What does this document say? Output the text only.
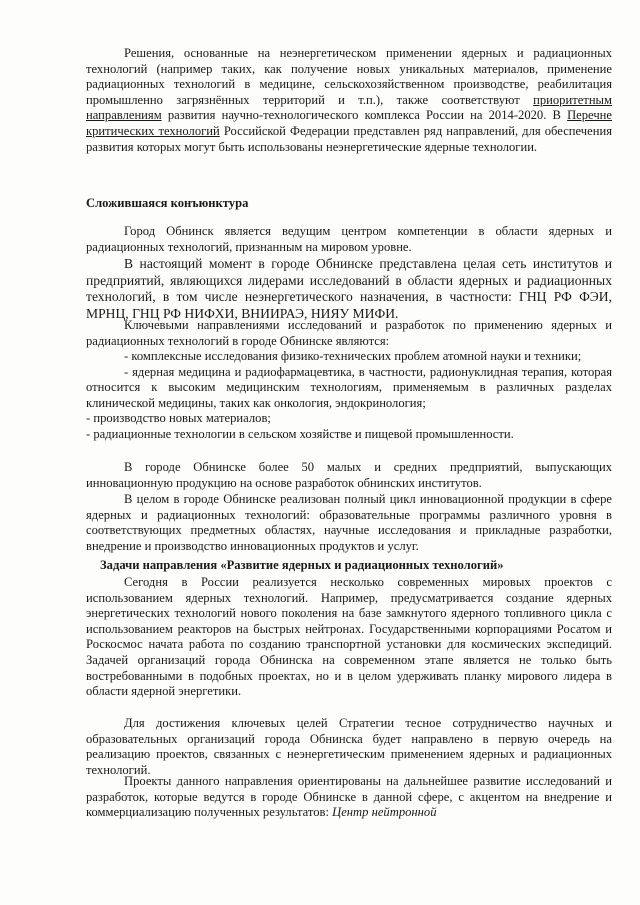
Решения, основанные на неэнергетическом применении ядерных и радиационных технологий (например таких, как получение новых уникальных материалов, применение радиационных технологий в медицине, сельскохозяйственном производстве, реабилитация промышленно загрязнённых территорий и т.п.), также соответствуют приоритетным направлениям развития научно-технологического комплекса России на 2014-2020. В Перечне критических технологий Российской Федерации представлен ряд направлений, для обеспечения развития которых могут быть использованы неэнергетические ядерные технологии.

Сложившаяся конъюнктура

Город Обнинск является ведущим центром компетенции в области ядерных и радиационных технологий, признанным на мировом уровне.

В настоящий момент в городе Обнинске представлена целая сеть институтов и предприятий, являющихся лидерами исследований в области ядерных и радиационных технологий, в том числе неэнергетического назначения, в частности: ГНЦ РФ ФЭИ, МРНЦ, ГНЦ РФ НИФХИ, ВНИИРАЭ, НИЯУ МИФИ.

Ключевыми направлениями исследований и разработок по применению ядерных и радиационных технологий в городе Обнинске являются:

- комплексные исследования физико-технических проблем атомной науки и техники;

- ядерная медицина и радиофармацевтика, в частности, радионуклидная терапия, которая относится к высоким медицинским технологиям, применяемым в различных разделах клинической медицины, таких как онкология, эндокринология;

- производство новых материалов;

- радиационные технологии в сельском хозяйстве и пищевой промышленности.

В городе Обнинске более 50 малых и средних предприятий, выпускающих инновационную продукцию на основе разработок обнинских институтов.

В целом в городе Обнинске реализован полный цикл инновационной продукции в сфере ядерных и радиационных технологий: образовательные программы различного уровня в соответствующих предметных областях, научные исследования и прикладные разработки, внедрение и производство инновационных продуктов и услуг.

Задачи направления «Развитие ядерных и радиационных технологий»

Сегодня в России реализуется несколько современных мировых проектов с использованием ядерных технологий. Например, предусматривается создание ядерных энергетических технологий нового поколения на базе замкнутого ядерного топливного цикла с использованием реакторов на быстрых нейтронах. Государственными корпорациями Росатом и Роскосмос начата работа по созданию транспортной установки для космических экспедиций. Задачей организаций города Обнинска на современном этапе является не только быть востребованными в подобных проектах, но и в целом удерживать планку мирового лидера в области ядерной энергетики.

Для достижения ключевых целей Стратегии тесное сотрудничество научных и образовательных организаций города Обнинска будет направлено в первую очередь на реализацию проектов, связанных с неэнергетическим применением ядерных и радиационных технологий.

Проекты данного направления ориентированы на дальнейшее развитие исследований и разработок, которые ведутся в городе Обнинске в данной сфере, с акцентом на внедрение и коммерциализацию полученных результатов: Центр нейтронной
